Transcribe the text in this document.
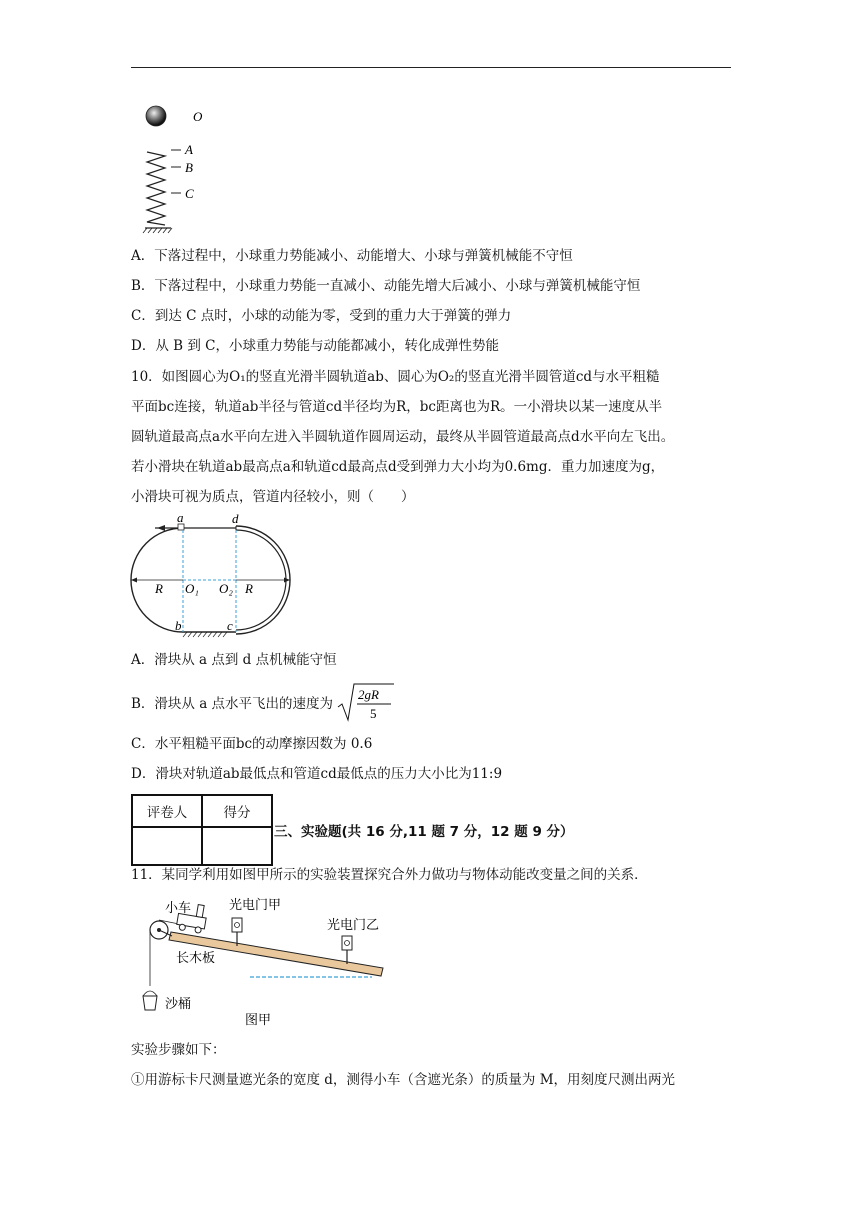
O
A
B
C
A．下落过程中，小球重力势能减小、动能增大、小球与弹簧机械能不守恒
B．下落过程中，小球重力势能一直减小、动能先增大后减小、小球与弹簧机械能守恒
C．到达 C 点时，小球的动能为零，受到的重力大于弹簧的弹力
D．从 B 到 C，小球重力势能与动能都减小，转化成弹性势能
10．如图圆心为O₁的竖直光滑半圆轨道ab、圆心为O₂的竖直光滑半圆管道cd与水平粗糙
平面bc连接，轨道ab半径与管道cd半径均为R，bc距离也为R。一小滑块以某一速度从半
圆轨道最高点a水平向左进入半圆轨道作圆周运动，最终从半圆管道最高点d水平向左飞出。
若小滑块在轨道ab最高点a和轨道cd最高点d受到弹力大小均为0.6mg．重力加速度为g，
小滑块可视为质点，管道内径较小，则（　　）
a	d
R O₁ O₂ R
b	c
A．滑块从 a 点到 d 点机械能守恒
B．滑块从 a 点水平飞出的速度为
2gR
5
C．水平粗糙平面bc的动摩擦因数为 0.6
D．滑块对轨道ab最低点和管道cd最低点的压力大小比为11:9
评卷人	得分

三、实验题(共 16 分,11 题 7 分，12 题 9 分）
11．某同学利用如图甲所示的实验装置探究合外力做功与物体动能改变量之间的关系．
小车	光电门甲
光电门乙
长木板
沙桶
图甲
实验步骤如下：
①用游标卡尺测量遮光条的宽度 d，测得小车（含遮光条）的质量为 M，用刻度尺测出两光
